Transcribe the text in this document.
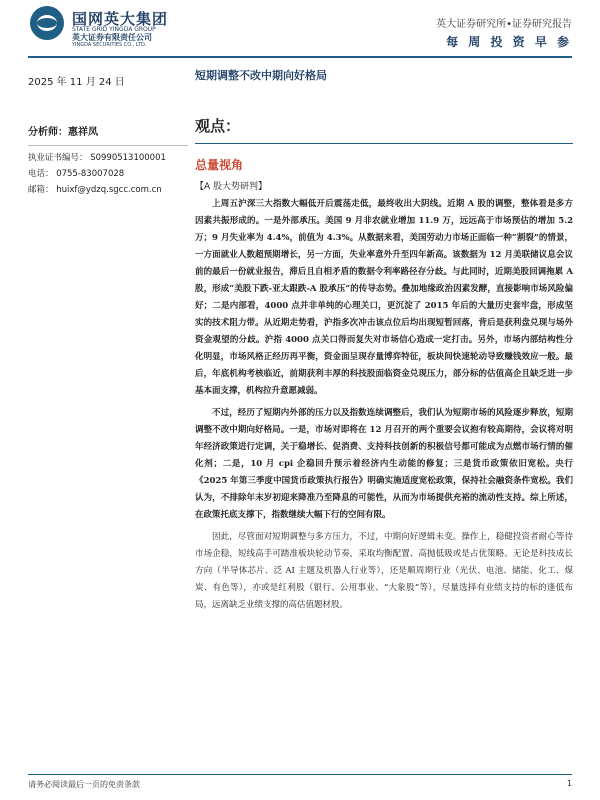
国网英大集团
STATE GRID YINGDA GROUP
英大证券有限责任公司
YINGDA SECURITIES CO., LTD.
英大证券研究所•证券研究报告
每 周 投 资 早 参
2025 年 11 月 24 日
短期调整不改中期向好格局
分析师：惠祥凤
执业证书编号： S0990513100001
电话： 0755-83007028
邮箱： huixf@ydzq.sgcc.com.cn
观点：
总量视角
【A 股大势研判】

上周五沪深三大指数大幅低开后震荡走低，最终收出大阴线。近期 A 股的调整，整体看是多方因素共振形成的。一是外部承压。美国 9 月非农就业增加 11.9 万，远远高于市场预估的增加 5.2 万；9 月失业率为 4.4%，前值为 4.3%。从数据来看，美国劳动力市场正面临一种“割裂”的情景，一方面就业人数超预期增长，另一方面，失业率意外升至四年新高。该数据为 12 月美联储议息会议前的最后一份就业报告，滞后且自相矛盾的数据令利率路径存分歧。与此同时，近期美股回调拖累 A 股，形成“美股下跌-亚太跟跌-A 股承压”的传导态势。叠加地缘政治因素发酵，直接影响市场风险偏好；二是内部看，4000 点并非单纯的心理关口，更沉淀了 2015 年后的大量历史套牢盘，形成坚实的技术阻力带。从近期走势看，沪指多次冲击该点位后均出现短暂回落，背后是获利盘兑现与场外资金观望的分歧。沪指 4000 点关口得而复失对市场信心造成一定打击。另外，市场内部结构性分化明显，市场风格正经历再平衡，资金面呈现存量博弈特征，板块间快速轮动导致赚钱效应一般。最后，年底机构考核临近，前期获利丰厚的科技股面临资金兑现压力，部分标的估值高企且缺乏进一步基本面支撑，机构拉升意愿减弱。

不过，经历了短期内外部的压力以及指数连续调整后，我们认为短期市场的风险逐步释放，短期调整不改中期向好格局。一是，市场对即将在 12 月召开的两个重要会议抱有较高期待，会议将对明年经济政策进行定调，关于稳增长、促消费、支持科技创新的积极信号都可能成为点燃市场行情的催化剂；二是，10 月 cpi 企稳回升预示着经济内生动能的修复；三是货币政策依旧宽松。央行《2025 年第三季度中国货币政策执行报告》明确实施适度宽松政策，保持社会融资条件宽松。我们认为，不排除年末岁初迎来降准乃至降息的可能性，从而为市场提供充裕的流动性支持。综上所述，在政策托底支撑下，指数继续大幅下行的空间有限。

因此，尽管面对短期调整与多方压力，不过，中期向好逻辑未变。操作上，稳健投资者耐心等待市场企稳，短线高手可踏准板块轮动节奏，采取均衡配置、高抛低吸或是占优策略。无论是科技成长方向（半导体芯片、泛 AI 主题及机器人行业等），还是顺周期行业（光伏、电池、储能、化工、煤炭、有色等），亦或是红利股（银行、公用事业、“大象股”等），尽量选择有业绩支持的标的逢低布局，远离缺乏业绩支撑的高估值题材股。

请务必阅读最后一页的免责条款	1
